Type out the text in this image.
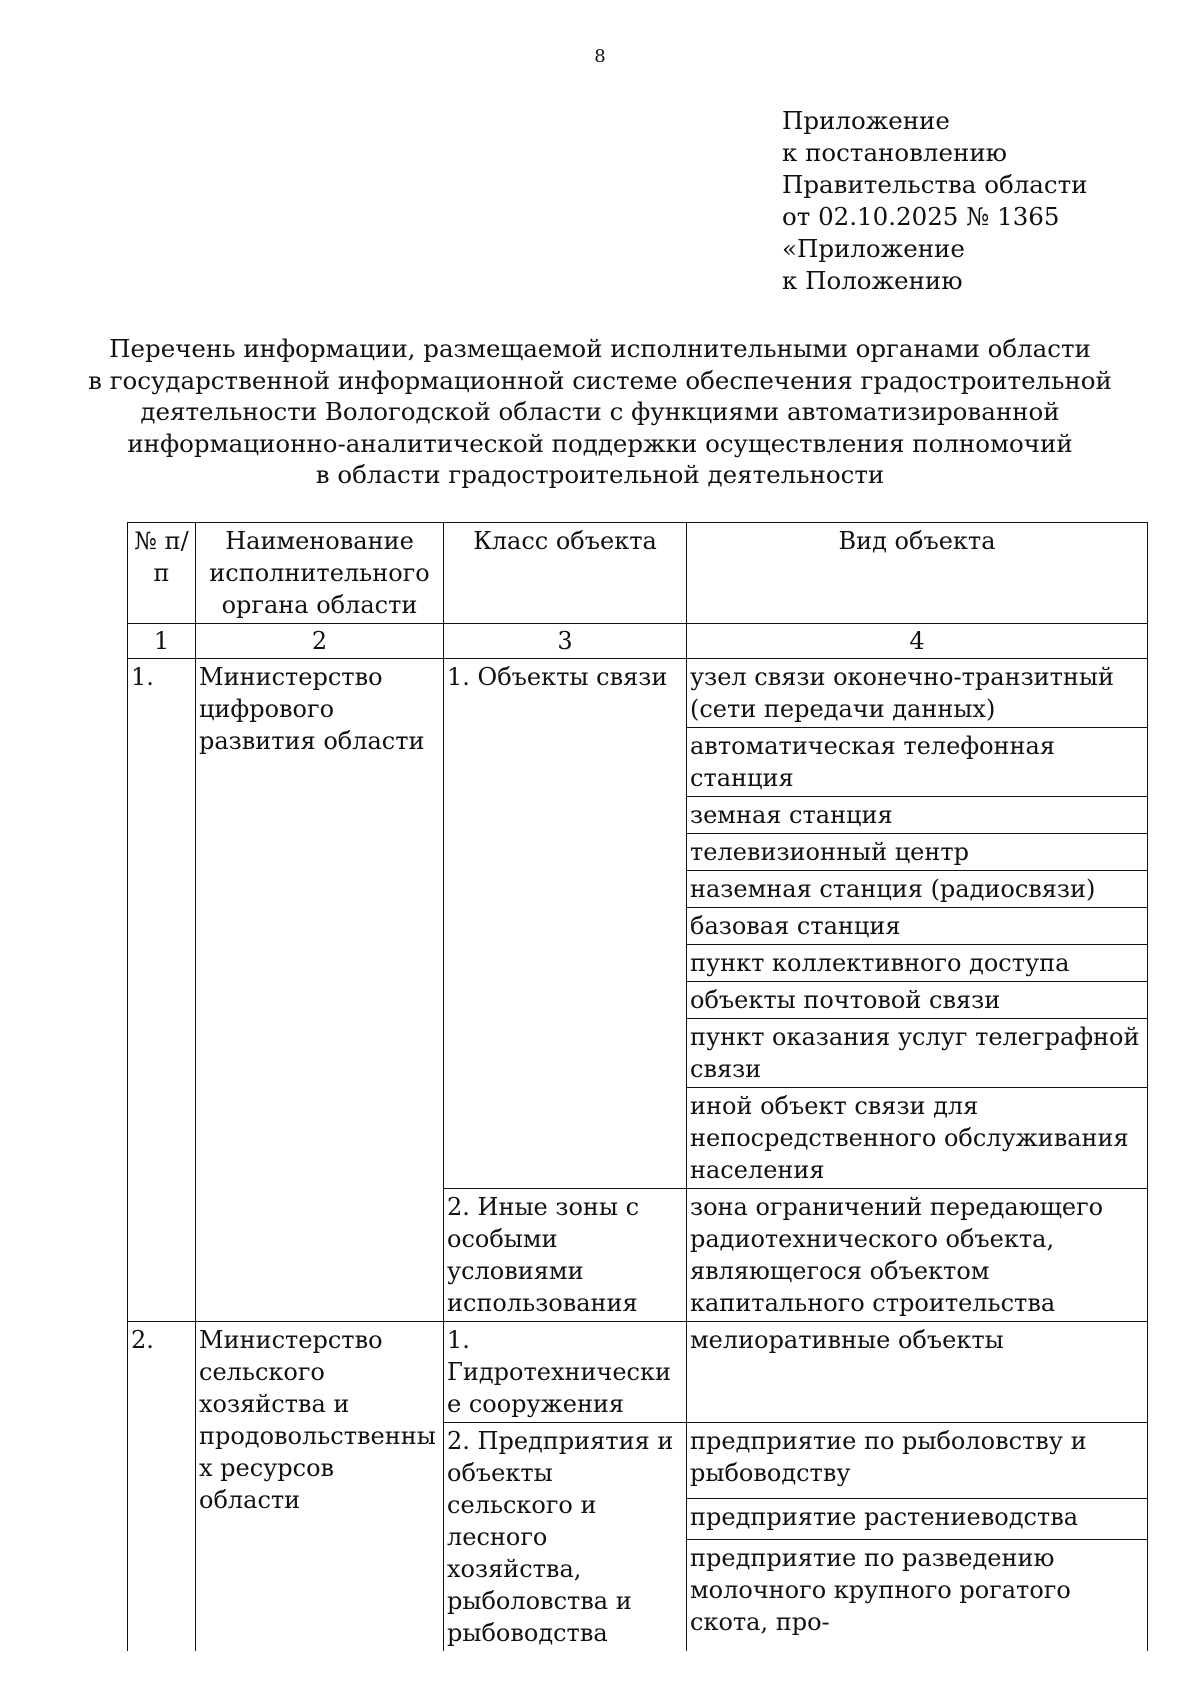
8
Приложение
к постановлению
Правительства области
от 02.10.2025 № 1365
«Приложение
к Положению
Перечень информации, размещаемой исполнительными органами области
в государственной информационной системе обеспечения градостроительной
деятельности Вологодской области с функциями автоматизированной
информационно-аналитической поддержки осуществления полномочий
в области градостроительной деятельности
№ п/п	Наименование исполнительного органа области	Класс объекта	Вид объекта
1	2	3	4
1.	Министерство цифрового развития области	1. Объекты связи	узел связи оконечно-транзитный (сети передачи данных)
			автоматическая телефонная станция
			земная станция
			телевизионный центр
			наземная станция (радиосвязи)
			базовая станция
			пункт коллективного доступа
			объекты почтовой связи
			пункт оказания услуг телеграфной связи
			иной объект связи для непосредственного обслуживания населения
		2. Иные зоны с особыми условиями использования	зона ограничений передающего радиотехнического объекта, являющегося объектом капитального строительства
2.	Министерство сельского хозяйства и продовольственных ресурсов области	1. Гидротехнические сооружения	мелиоративные объекты
		2. Предприятия и объекты сельского и лесного хозяйства, рыболовства и рыбоводства	предприятие по рыболовству и рыбоводству
			предприятие растениеводства
			предприятие по разведению молочного крупного рогатого скота, про-
